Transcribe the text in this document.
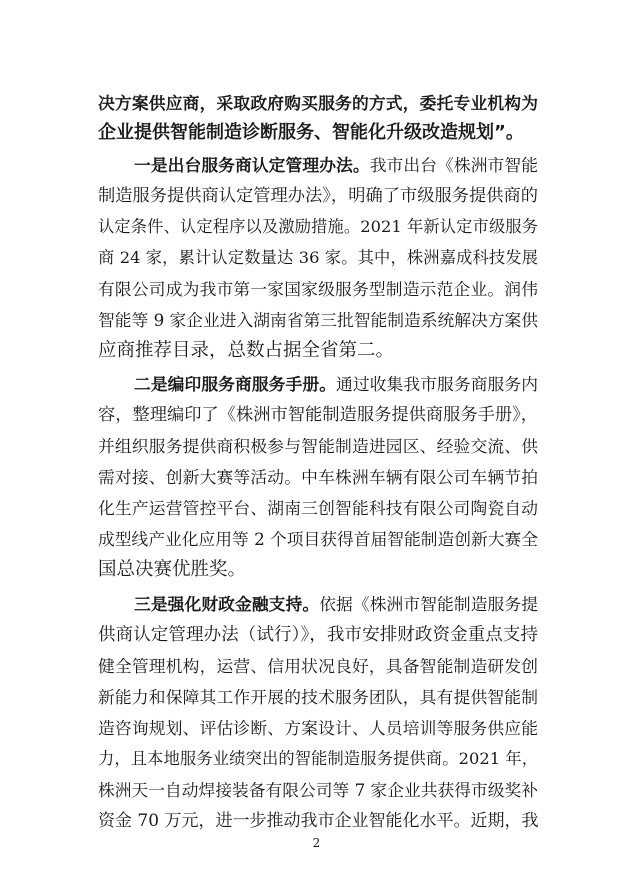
决方案供应商，采取政府购买服务的方式，委托专业机构为
企业提供智能制造诊断服务、智能化升级改造规划”。
一是出台服务商认定管理办法。我市出台《株洲市智能
制造服务提供商认定管理办法》，明确了市级服务提供商的
认定条件、认定程序以及激励措施。2021 年新认定市级服务
商 24 家，累计认定数量达 36 家。其中，株洲嘉成科技发展
有限公司成为我市第一家国家级服务型制造示范企业。润伟
智能等 9 家企业进入湖南省第三批智能制造系统解决方案供
应商推荐目录，总数占据全省第二。
二是编印服务商服务手册。通过收集我市服务商服务内
容，整理编印了《株洲市智能制造服务提供商服务手册》，
并组织服务提供商积极参与智能制造进园区、经验交流、供
需对接、创新大赛等活动。中车株洲车辆有限公司车辆节拍
化生产运营管控平台、湖南三创智能科技有限公司陶瓷自动
成型线产业化应用等 2 个项目获得首届智能制造创新大赛全
国总决赛优胜奖。
三是强化财政金融支持。依据《株洲市智能制造服务提
供商认定管理办法（试行）》，我市安排财政资金重点支持
健全管理机构，运营、信用状况良好，具备智能制造研发创
新能力和保障其工作开展的技术服务团队，具有提供智能制
造咨询规划、评估诊断、方案设计、人员培训等服务供应能
力，且本地服务业绩突出的智能制造服务提供商。2021 年，
株洲天一自动焊接装备有限公司等 7 家企业共获得市级奖补
资金 70 万元，进一步推动我市企业智能化水平。近期，我
2
